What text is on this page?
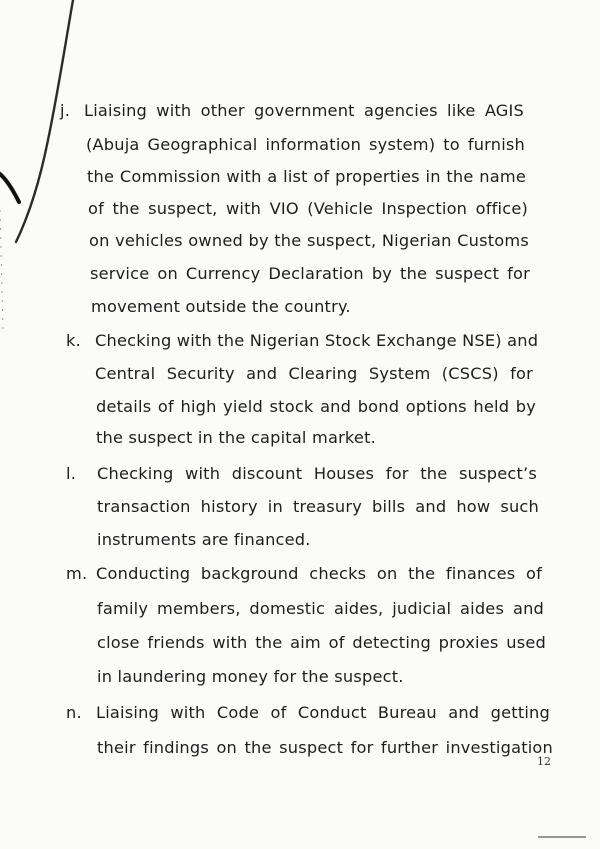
j. Liaising with other government agencies like AGIS
(Abuja Geographical information system) to furnish
the Commission with a list of properties in the name
of the suspect, with VIO (Vehicle Inspection office)
on vehicles owned by the suspect, Nigerian Customs
service on Currency Declaration by the suspect for
movement outside the country.
k. Checking with the Nigerian Stock Exchange NSE) and
Central Security and Clearing System (CSCS) for
details of high yield stock and bond options held by
the suspect in the capital market.
l.	Checking with discount Houses for the suspect’s
transaction history in treasury bills and how such
instruments are financed.
m. Conducting background checks on the finances of
family members, domestic aides, judicial aides and
close friends with the aim of detecting proxies used
in laundering money for the suspect.
n. Liaising with Code of Conduct Bureau and getting
their findings on the suspect for further investigation
12
